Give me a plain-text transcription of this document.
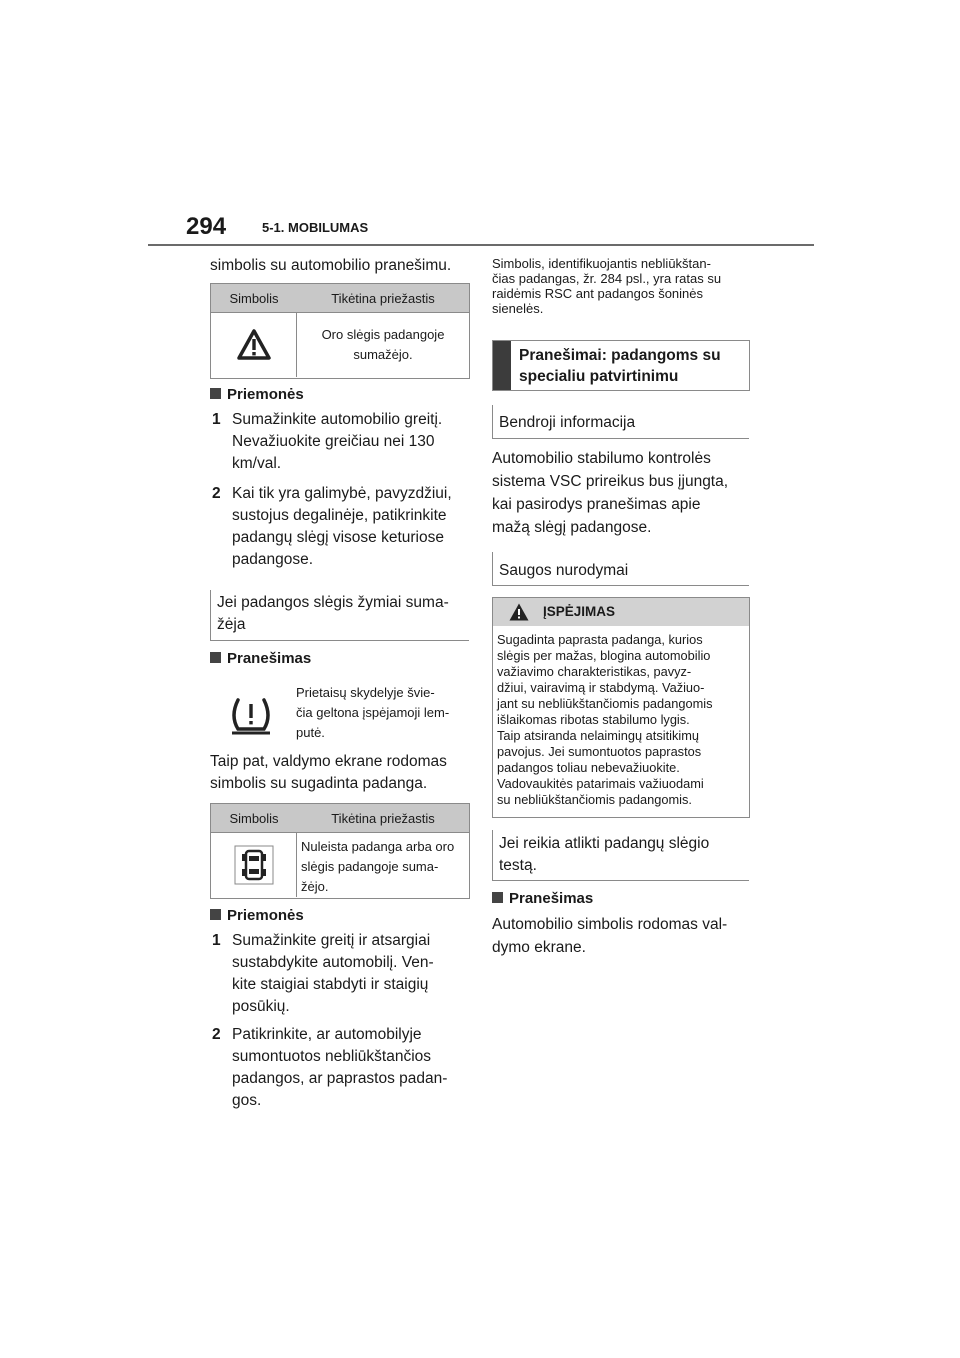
294	5-1. MOBILUMAS
simbolis su automobilio pranešimu.
Simbolis	Tikėtina priežastis
Oro slėgis padangoje
sumažėjo.
Priemonės
1 Sumažinkite automobilio greitį.
Nevažiuokite greičiau nei 130
km/val.
2 Kai tik yra galimybė, pavyzdžiui,
sustojus degalinėje, patikrinkite
padangų slėgį visose keturiose
padangose.
Jei padangos slėgis žymiai suma-
žėja
Pranešimas
Prietaisų skydelyje švie-
čia geltona įspėjamoji lem-
putė.
Taip pat, valdymo ekrane rodomas
simbolis su sugadinta padanga.
Simbolis	Tikėtina priežastis
Nuleista padanga arba oro
slėgis padangoje suma-
žėjo.
Priemonės
1 Sumažinkite greitį ir atsargiai
sustabdykite automobilį. Ven-
kite staigiai stabdyti ir staigių
posūkių.
2 Patikrinkite, ar automobilyje
sumontuotos nebliūkštančios
padangos, ar paprastos padan-
gos.
Simbolis, identifikuojantis nebliūkštan-
čias padangas, žr. 284 psl., yra ratas su
raidėmis RSC ant padangos šoninės
sienelės.
Pranešimai: padangoms su
specialiu patvirtinimu
Bendroji informacija
Automobilio stabilumo kontrolės
sistema VSC prireikus bus įjungta,
kai pasirodys pranešimas apie
mažą slėgį padangose.
Saugos nurodymai
ĮSPĖJIMAS
Sugadinta paprasta padanga, kurios
slėgis per mažas, blogina automobilio
važiavimo charakteristikas, pavyz-
džiui, vairavimą ir stabdymą. Važiuo-
jant su nebliūkštančiomis padangomis
išlaikomas ribotas stabilumo lygis.
Taip atsiranda nelaimingų atsitikimų
pavojus. Jei sumontuotos paprastos
padangos toliau nebevažiuokite.
Vadovaukitės patarimais važiuodami
su nebliūkštančiomis padangomis.
Jei reikia atlikti padangų slėgio
testą.
Pranešimas
Automobilio simbolis rodomas val-
dymo ekrane.
